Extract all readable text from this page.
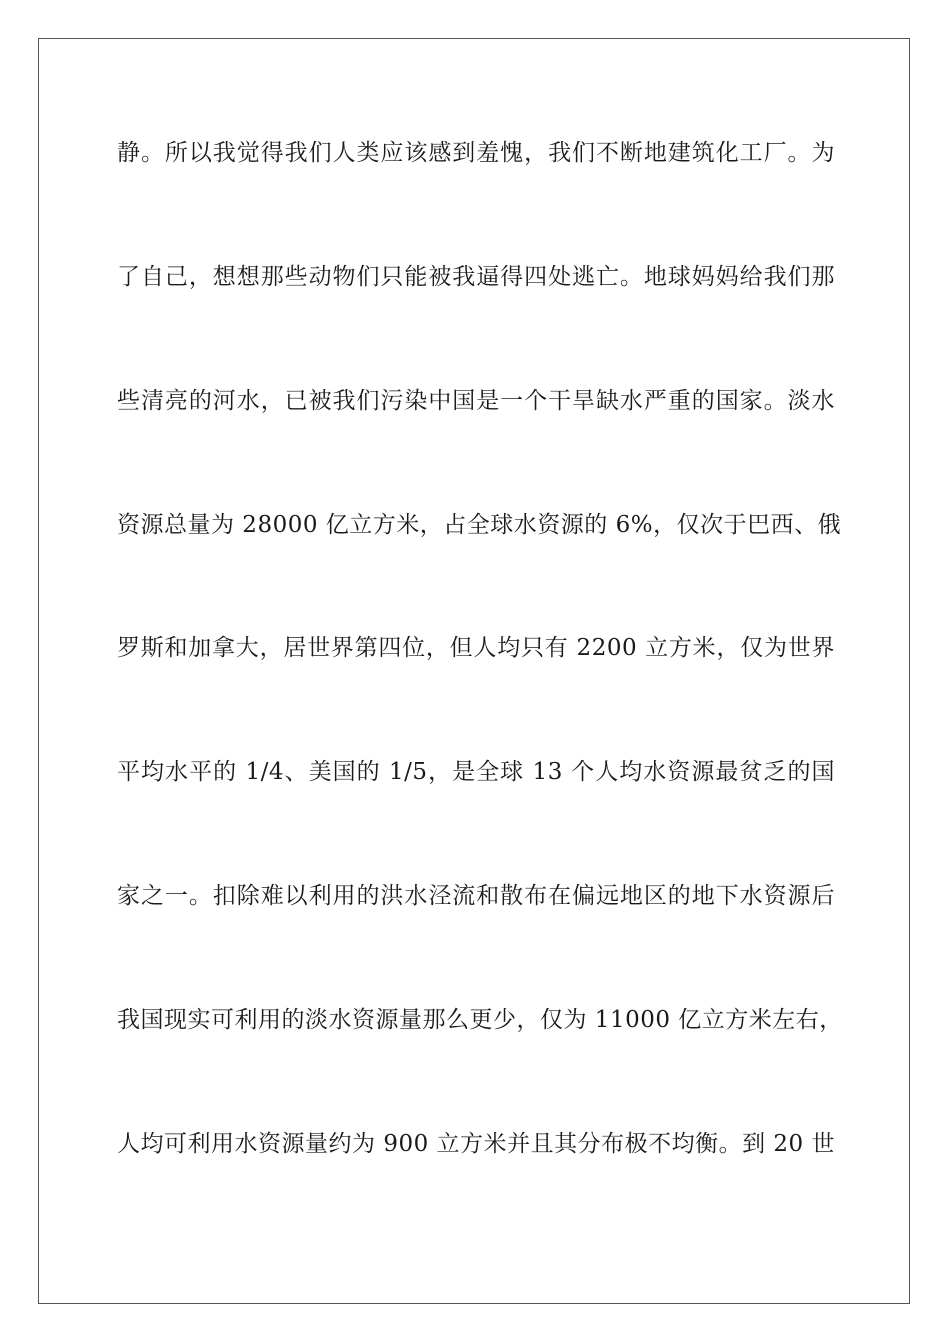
静。所以我觉得我们人类应该感到羞愧，我们不断地建筑化工厂。为
了自己，想想那些动物们只能被我逼得四处逃亡。地球妈妈给我们那
些清亮的河水，已被我们污染中国是一个干旱缺水严重的国家。淡水
资源总量为 28000 亿立方米，占全球水资源的 6%，仅次于巴西、俄
罗斯和加拿大，居世界第四位，但人均只有 2200 立方米，仅为世界
平均水平的 1/4、美国的 1/5，是全球 13 个人均水资源最贫乏的国
家之一。扣除难以利用的洪水泾流和散布在偏远地区的地下水资源后
我国现实可利用的淡水资源量那么更少，仅为 11000 亿立方米左右，
人均可利用水资源量约为 900 立方米并且其分布极不均衡。到 20 世
